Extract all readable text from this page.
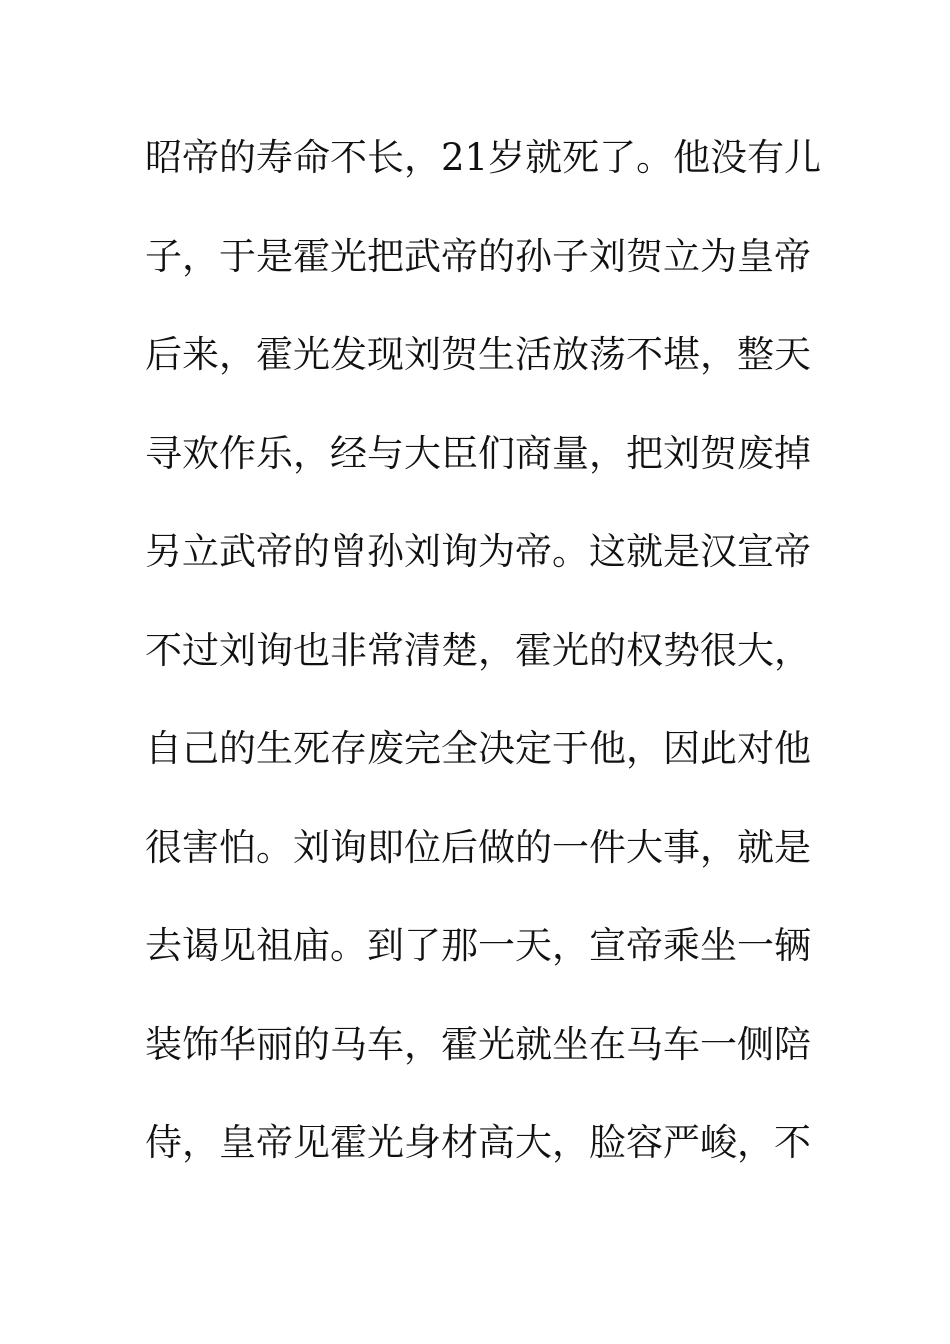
昭帝的寿命不长，21岁就死了。他没有儿
子，于是霍光把武帝的孙子刘贺立为皇帝
后来，霍光发现刘贺生活放荡不堪，整天
寻欢作乐，经与大臣们商量，把刘贺废掉
另立武帝的曾孙刘询为帝。这就是汉宣帝
不过刘询也非常清楚，霍光的权势很大，
自己的生死存废完全决定于他，因此对他
很害怕。刘询即位后做的一件大事，就是
去谒见祖庙。到了那一天，宣帝乘坐一辆
装饰华丽的马车，霍光就坐在马车一侧陪
侍，皇帝见霍光身材高大，脸容严峻，不
